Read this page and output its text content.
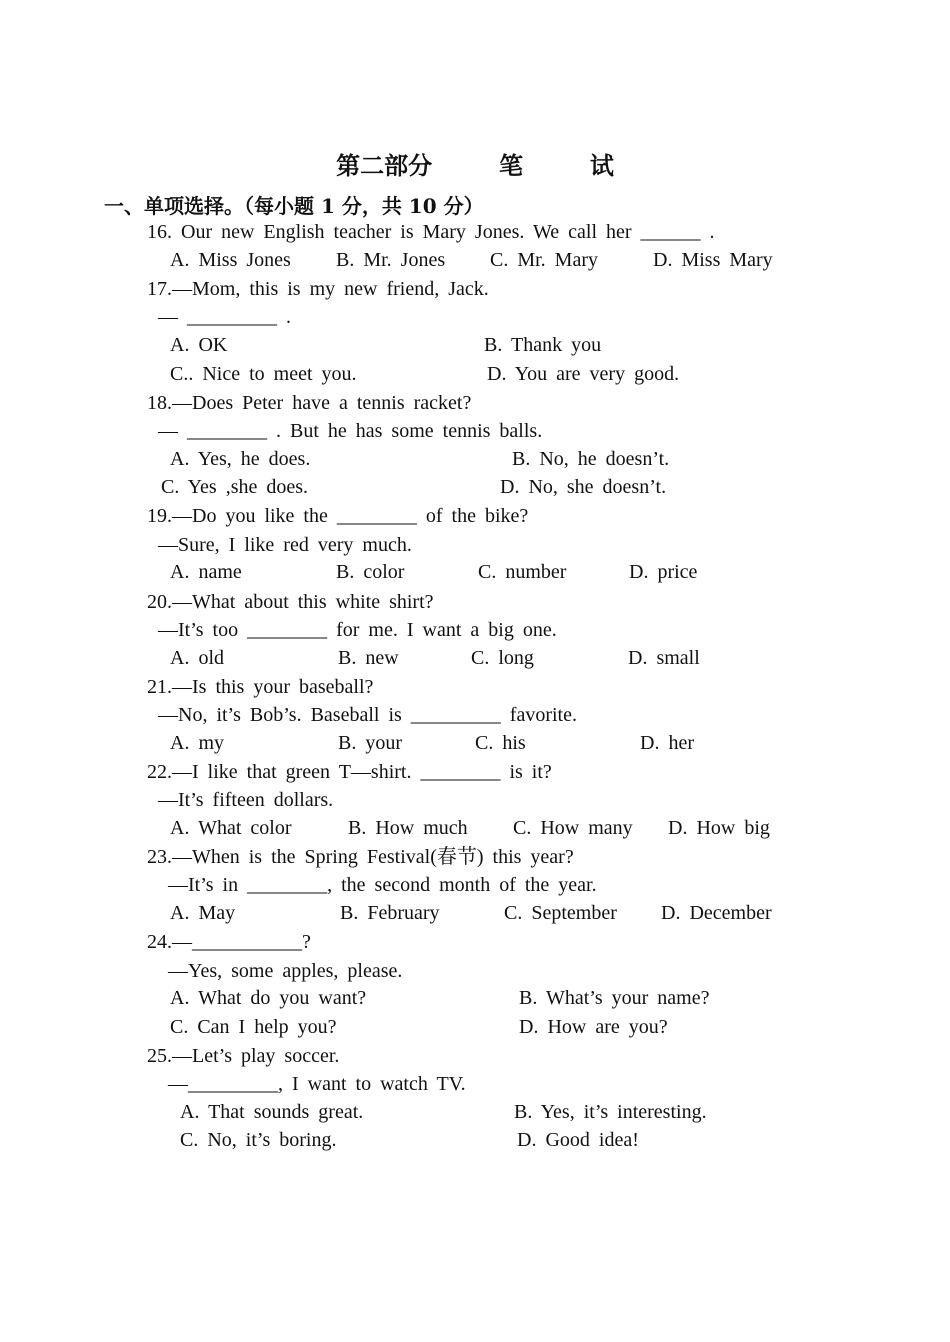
第二部分        笔        试
一、单项选择。（每小题 1 分，共 10 分）
16. Our new English teacher is Mary Jones. We call her ______ .
A. Miss Jones B. Mr. Jones C. Mr. Mary	D. Miss Mary
17.—Mom, this is my new friend, Jack.
— _________ .
A. OK	B. Thank you
C.. Nice to meet you.	D. You are very good.
18.—Does Peter have a tennis racket?
— ________ . But he has some tennis balls.
A. Yes, he does.	B. No, he doesn’t.
C. Yes ,she does.	D. No, she doesn’t.
19.—Do you like the ________ of the bike?
—Sure, I like red very much.
A. name	B. color	C. number	D. price
20.—What about this white shirt?
—It’s too ________ for me. I want a big one.
A. old	B. new	C. long	D. small
21.—Is this your baseball?
—No, it’s Bob’s. Baseball is _________ favorite.
A. my	B. your	C. his	D. her
22.—I like that green T—shirt. ________ is it?
—It’s fifteen dollars.
A. What color	B. How much C. How many D. How big
23.—When is the Spring Festival(春节) this year?
—It’s in ________, the second month of the year.
A. May	B. February	C. September D. December
24.—___________?
—Yes, some apples, please.
A. What do you want?	B. What’s your name?
C. Can I help you?	D. How are you?
25.—Let’s play soccer.
—_________, I want to watch TV.
A. That sounds great.	B. Yes, it’s interesting.
C. No, it’s boring.	D. Good idea!
